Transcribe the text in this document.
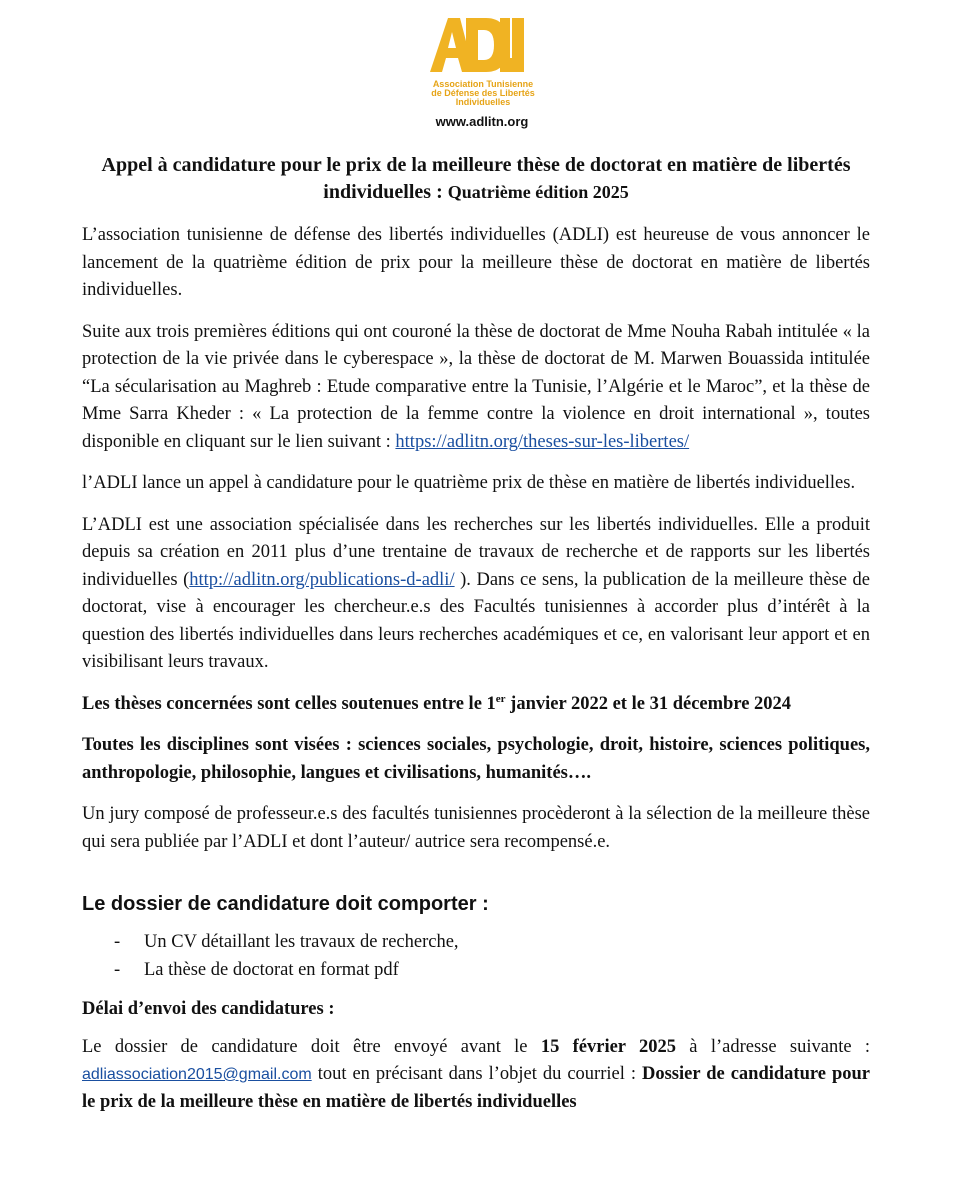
Association Tunisienne
de Défense des Libertés
Individuelles
www.adlitn.org
Appel à candidature pour le prix de la meilleure thèse de doctorat en matière de libertés individuelles : Quatrième édition 2025

L’association tunisienne de défense des libertés individuelles (ADLI) est heureuse de vous annoncer le lancement de la quatrième édition de prix pour la meilleure thèse de doctorat en matière de libertés individuelles.

Suite aux trois premières éditions qui ont couroné la thèse de doctorat de Mme Nouha Rabah intitulée « la protection de la vie privée dans le cyberespace », la thèse de doctorat de M. Marwen Bouassida intitulée “La sécularisation au Maghreb : Etude comparative entre la Tunisie, l’Algérie et le Maroc”, et la thèse de Mme Sarra Kheder : « La protection de la femme contre la violence en droit international », toutes disponible en cliquant sur le lien suivant : https://adlitn.org/theses-sur-les-libertes/

l’ADLI lance un appel à candidature pour le quatrième prix de thèse en matière de libertés individuelles.

L’ADLI est une association spécialisée dans les recherches sur les libertés individuelles. Elle a produit depuis sa création en 2011 plus d’une trentaine de travaux de recherche et de rapports sur les libertés individuelles (http://adlitn.org/publications-d-adli/ ). Dans ce sens, la publication de la meilleure thèse de doctorat, vise à encourager les chercheur.e.s des Facultés tunisiennes à accorder plus d’intérêt à la question des libertés individuelles dans leurs recherches académiques et ce, en valorisant leur apport et en visibilisant leurs travaux.

Les thèses concernées sont celles soutenues entre le 1er janvier 2022 et le 31 décembre 2024

Toutes les disciplines sont visées : sciences sociales, psychologie, droit, histoire, sciences politiques, anthropologie, philosophie, langues et civilisations, humanités….

Un jury composé de professeur.e.s des facultés tunisiennes procèderont à la sélection de la meilleure thèse qui sera publiée par l’ADLI et dont l’auteur/ autrice sera recompensé.e.

Le dossier de candidature doit comporter :
- Un CV détaillant les travaux de recherche,
- La thèse de doctorat en format pdf

Délai d’envoi des candidatures :

Le dossier de candidature doit être envoyé avant le 15 février 2025 à l’adresse suivante : adliassociation2015@gmail.com tout en précisant dans l’objet du courriel : Dossier de candidature pour le prix de la meilleure thèse en matière de libertés individuelles
